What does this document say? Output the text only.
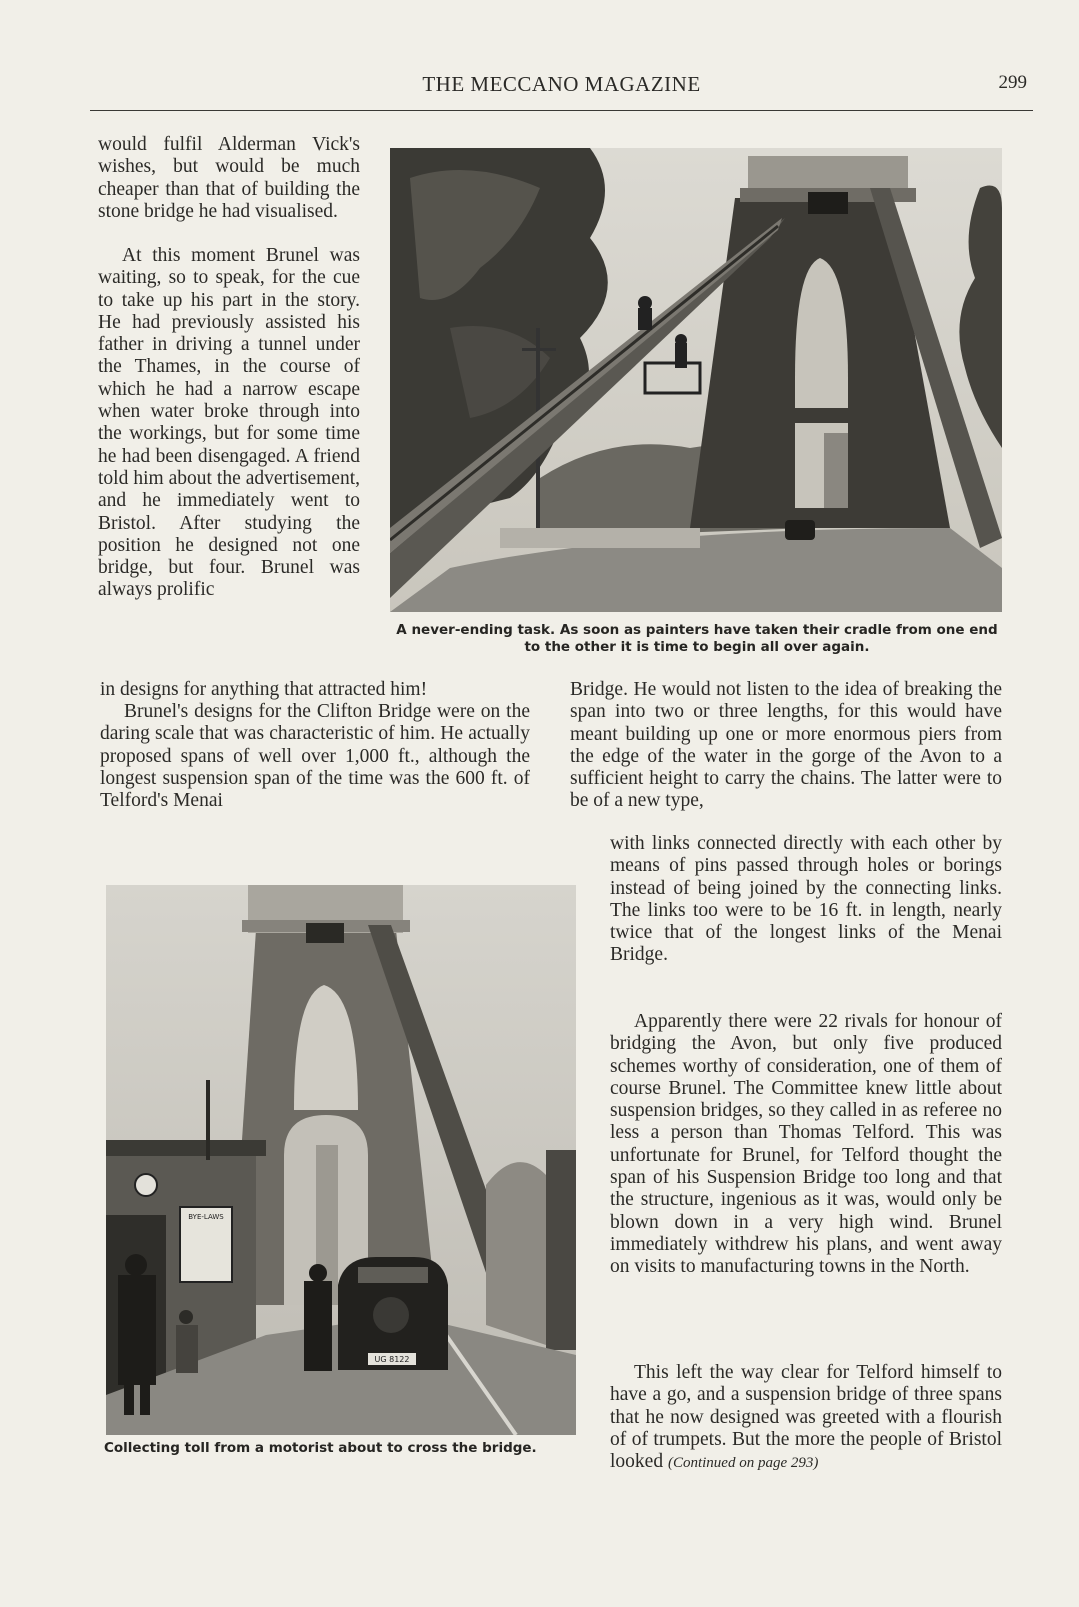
THE MECCANO MAGAZINE	299

would fulfil Alderman Vick's wishes, but would be much cheaper than that of building the stone bridge he had visualised.

At this moment Brunel was waiting, so to speak, for the cue to take up his part in the story. He had previously assisted his father in driving a tunnel under the Thames, in the course of which he had a narrow escape when water broke through into the workings, but for some time he had been disengaged. A friend told him about the advertisement, and he immediately went to Bristol. After studying the position he designed not one bridge, but four. Brunel was always prolific

in designs for anything that attracted him!

Brunel's designs for the Clifton Bridge were on the daring scale that was characteristic of him. He actually proposed spans of well over 1,000 ft., although the longest suspension span of the time was the 600 ft. of Telford's Menai

A never-ending task. As soon as painters have taken their cradle from one end to the other it is time to begin all over again.

Bridge. He would not listen to the idea of breaking the span into two or three lengths, for this would have meant building up one or more enormous piers from the edge of the water in the gorge of the Avon to a sufficient height to carry the chains. The latter were to be of a new type,

with links connected directly with each other by means of pins passed through holes or borings instead of being joined by the connecting links. The links too were to be 16 ft. in length, nearly twice that of the longest links of the Menai Bridge.

Apparently there were 22 rivals for honour of bridging the Avon, but only five produced schemes worthy of consideration, one of them of course Brunel. The Committee knew little about suspension bridges, so they called in as referee no less a person than Thomas Telford. This was unfortunate for Brunel, for Telford thought the span of his Suspension Bridge too long and that the structure, ingenious as it was, would only be blown down in a very high wind. Brunel immediately withdrew his plans, and went away on visits to manufacturing towns in the North.

This left the way clear for Telford himself to have a go, and a suspension bridge of three spans that he now designed was greeted with a flourish of of trumpets. But the more the people of Bristol looked (Continued on page 293)

BYE-LAWS
UG 8122

Collecting toll from a motorist about to cross the bridge.
